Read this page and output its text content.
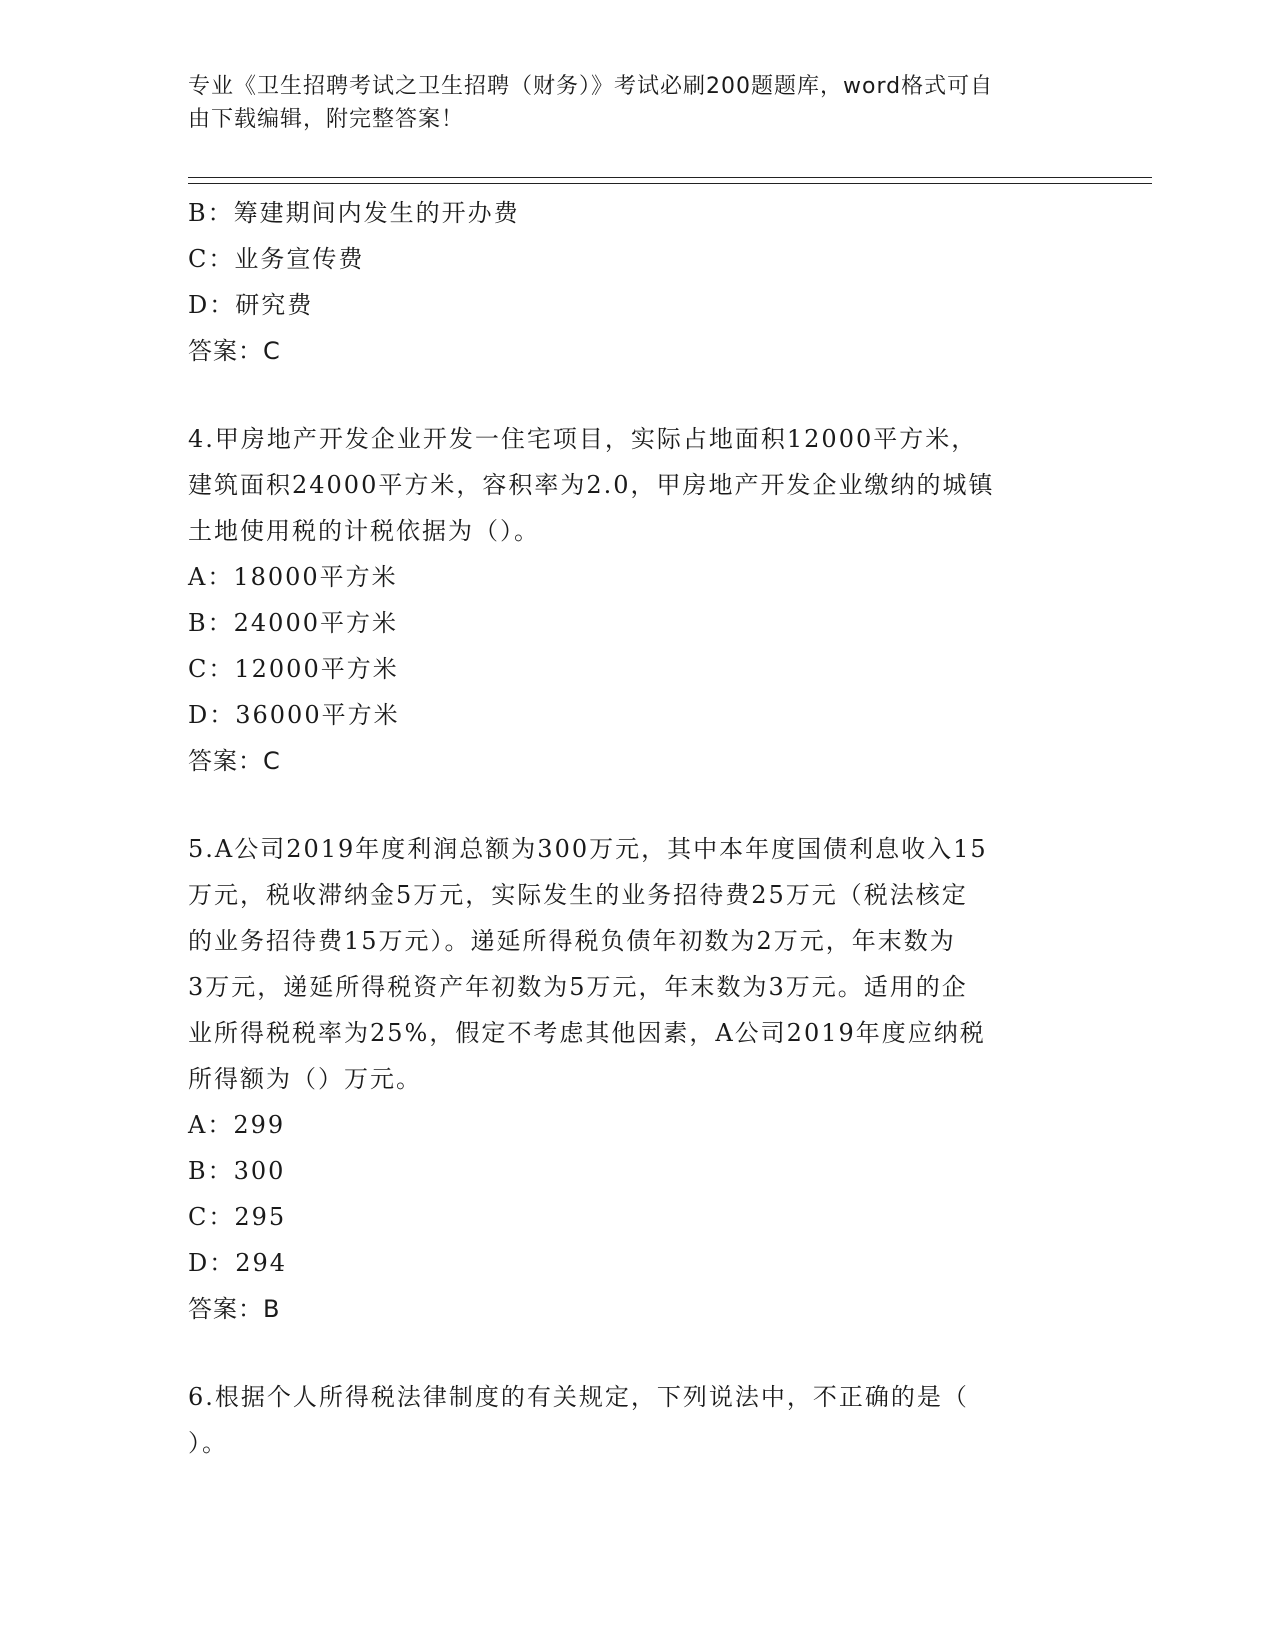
专业《卫生招聘考试之卫生招聘（财务）》考试必刷200题题库，word格式可自
由下载编辑，附完整答案！
B：筹建期间内发生的开办费
C：业务宣传费
D：研究费
答案：C
4.甲房地产开发企业开发一住宅项目，实际占地面积12000平方米，
建筑面积24000平方米，容积率为2.0，甲房地产开发企业缴纳的城镇
土地使用税的计税依据为（）。
A：18000平方米
B：24000平方米
C：12000平方米
D：36000平方米
答案：C
5.A公司2019年度利润总额为300万元，其中本年度国债利息收入15
万元，税收滞纳金5万元，实际发生的业务招待费25万元（税法核定
的业务招待费15万元）。递延所得税负债年初数为2万元，年末数为
3万元，递延所得税资产年初数为5万元，年末数为3万元。适用的企
业所得税税率为25%，假定不考虑其他因素，A公司2019年度应纳税
所得额为（）万元。
A：299
B：300
C：295
D：294
答案：B
6.根据个人所得税法律制度的有关规定，下列说法中，不正确的是（
）。
